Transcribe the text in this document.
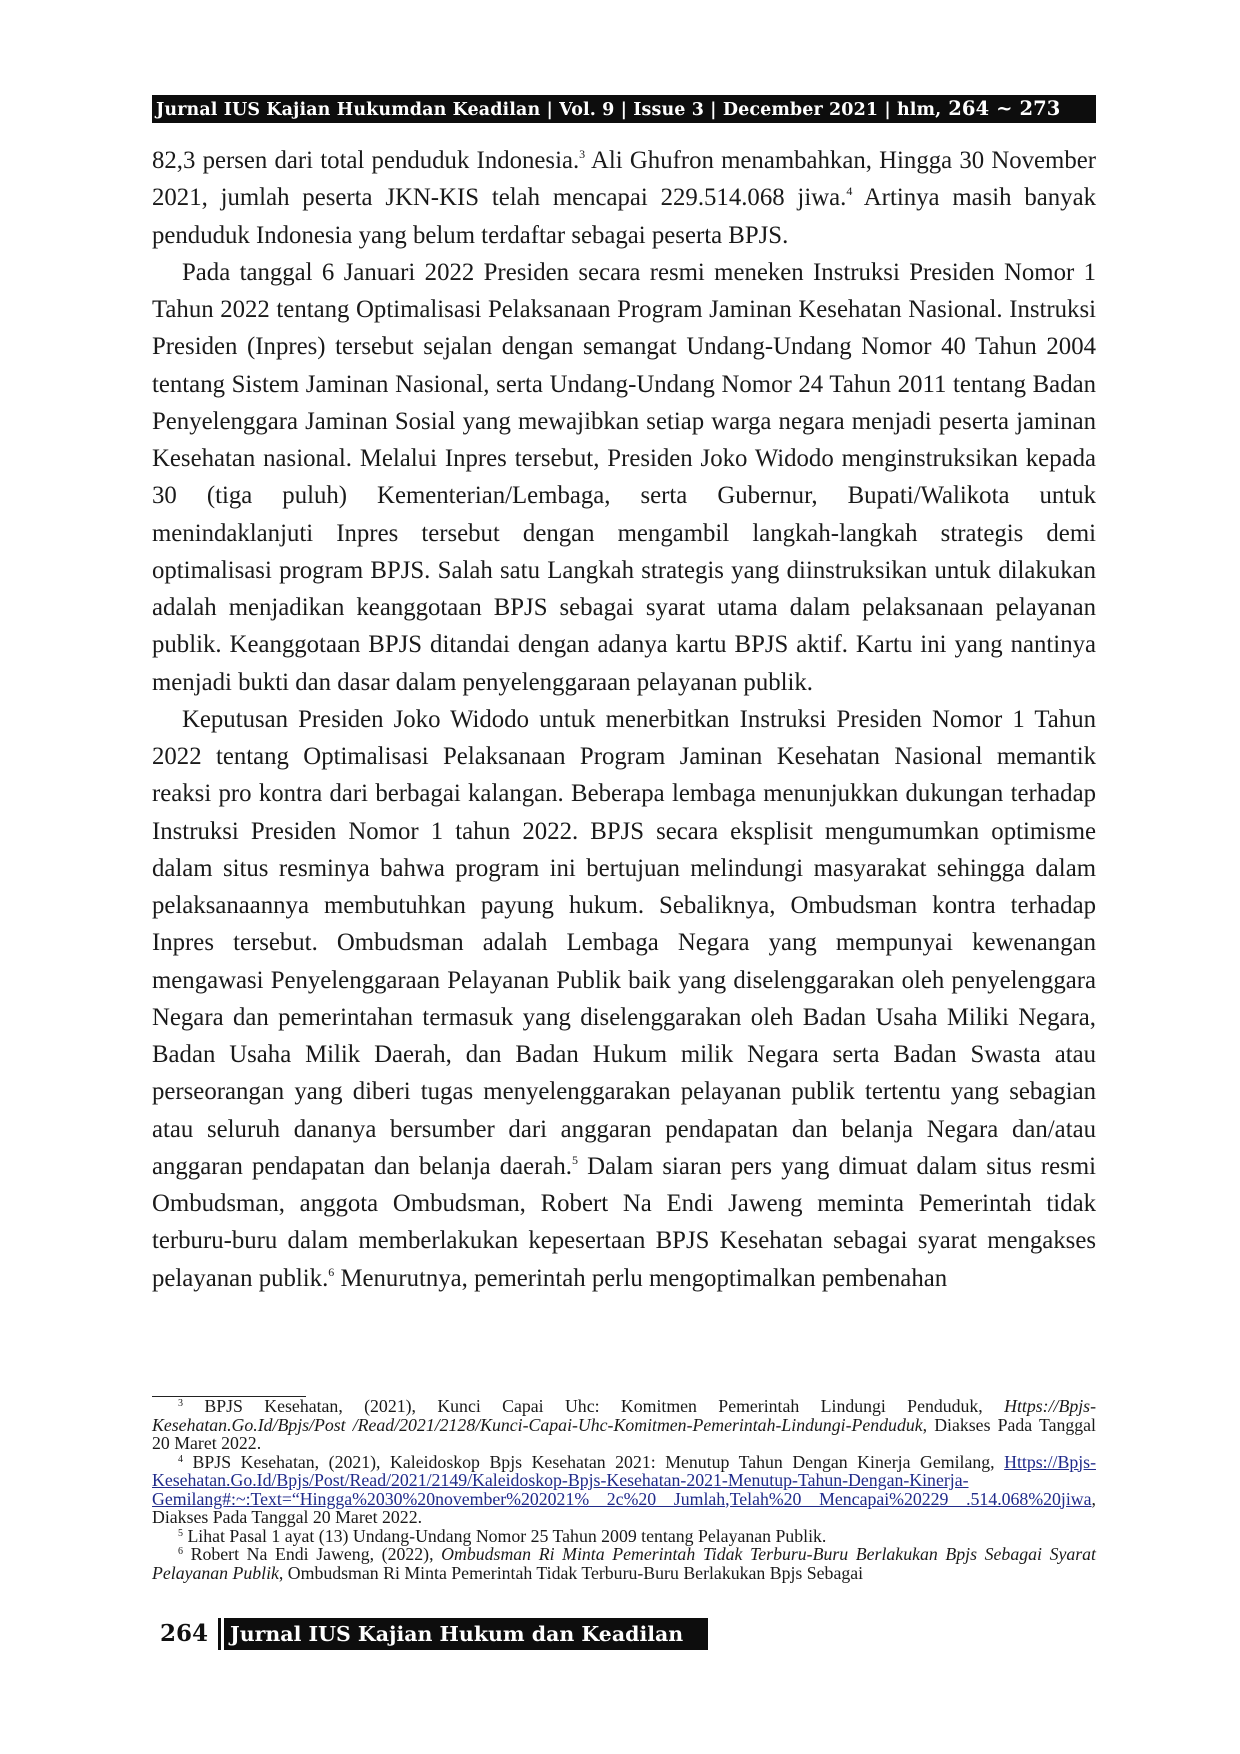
Jurnal IUS Kajian Hukumdan Keadilan | Vol. 9 | Issue 3 | December 2021 | hlm, 264 ~ 273

82,3 persen dari total penduduk Indonesia.$^3$ Ali Ghufron menambahkan, Hingga 30 November 2021, jumlah peserta JKN-KIS telah mencapai 229.514.068 jiwa.$^4$ Artinya masih banyak penduduk Indonesia yang belum terdaftar sebagai peserta BPJS.

Pada tanggal 6 Januari 2022 Presiden secara resmi meneken Instruksi Presiden Nomor 1 Tahun 2022 tentang Optimalisasi Pelaksanaan Program Jaminan Kesehatan Nasional. Instruksi Presiden (Inpres) tersebut sejalan dengan semangat Undang-Undang Nomor 40 Tahun 2004 tentang Sistem Jaminan Nasional, serta Undang-Undang Nomor 24 Tahun 2011 tentang Badan Penyelenggara Jaminan Sosial yang mewajibkan setiap warga negara menjadi peserta jaminan Kesehatan nasional. Melalui Inpres tersebut, Presiden Joko Widodo menginstruksikan kepada 30 (tiga puluh) Kementerian/Lembaga, serta Gubernur, Bupati/Walikota untuk menindaklanjuti Inpres tersebut dengan mengambil langkah-langkah strategis demi optimalisasi program BPJS. Salah satu Langkah strategis yang diinstruksikan untuk dilakukan adalah menjadikan keanggotaan BPJS sebagai syarat utama dalam pelaksanaan pelayanan publik. Keanggotaan BPJS ditandai dengan adanya kartu BPJS aktif. Kartu ini yang nantinya menjadi bukti dan dasar dalam penyelenggaraan pelayanan publik.

Keputusan Presiden Joko Widodo untuk menerbitkan Instruksi Presiden Nomor 1 Tahun 2022 tentang Optimalisasi Pelaksanaan Program Jaminan Kesehatan Nasional memantik reaksi pro kontra dari berbagai kalangan. Beberapa lembaga menunjukkan dukungan terhadap Instruksi Presiden Nomor 1 tahun 2022. BPJS secara eksplisit mengumumkan optimisme dalam situs resminya bahwa program ini bertujuan melindungi masyarakat sehingga dalam pelaksanaannya membutuhkan payung hukum. Sebaliknya, Ombudsman kontra terhadap Inpres tersebut. Ombudsman adalah Lembaga Negara yang mempunyai kewenangan mengawasi Penyelenggaraan Pelayanan Publik baik yang diselenggarakan oleh penyelenggara Negara dan pemerintahan termasuk yang diselenggarakan oleh Badan Usaha Miliki Negara, Badan Usaha Milik Daerah, dan Badan Hukum milik Negara serta Badan Swasta atau perseorangan yang diberi tugas menyelenggarakan pelayanan publik tertentu yang sebagian atau seluruh dananya bersumber dari anggaran pendapatan dan belanja Negara dan/atau anggaran pendapatan dan belanja daerah.$^5$ Dalam siaran pers yang dimuat dalam situs resmi Ombudsman, anggota Ombudsman, Robert Na Endi Jaweng meminta Pemerintah tidak terburu-buru dalam memberlakukan kepesertaan BPJS Kesehatan sebagai syarat mengakses pelayanan publik.$^6$ Menurutnya, pemerintah perlu mengoptimalkan pembenahan

$^3$ BPJS Kesehatan, (2021), Kunci Capai Uhc: Komitmen Pemerintah Lindungi Penduduk, Https://Bpjs-Kesehatan.Go.Id/Bpjs/Post /Read/2021/2128/Kunci-Capai-Uhc-Komitmen-Pemerintah-Lindungi-Penduduk, Diakses Pada Tanggal 20 Maret 2022.

$^4$ BPJS Kesehatan, (2021), Kaleidoskop Bpjs Kesehatan 2021: Menutup Tahun Dengan Kinerja Gemilang, Https://Bpjs-Kesehatan.Go.Id/Bpjs/Post/Read/2021/2149/Kaleidoskop-Bpjs-Kesehatan-2021-Menutup-Tahun-Dengan-Kinerja-Gemilang#:~:Text=“Hingga%2030%20november%202021% 2c%20 Jumlah,Telah%20 Mencapai%20229 .514.068%20jiwa, Diakses Pada Tanggal 20 Maret 2022.

$^5$ Lihat Pasal 1 ayat (13) Undang-Undang Nomor 25 Tahun 2009 tentang Pelayanan Publik.

$^6$ Robert Na Endi Jaweng, (2022), Ombudsman Ri Minta Pemerintah Tidak Terburu-Buru Berlakukan Bpjs Sebagai Syarat Pelayanan Publik, Ombudsman Ri Minta Pemerintah Tidak Terburu-Buru Berlakukan Bpjs Sebagai

264	Jurnal IUS Kajian Hukum dan Keadilan
